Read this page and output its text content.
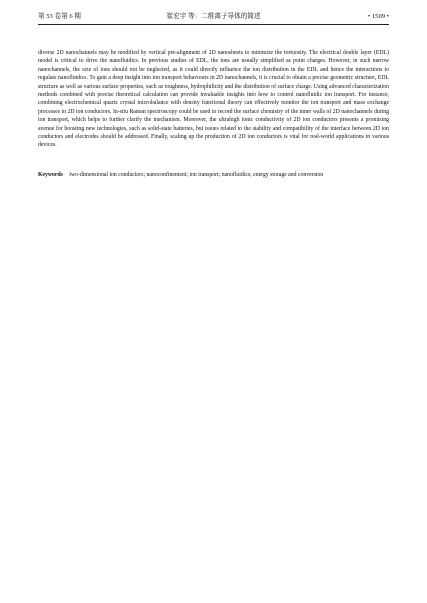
第 53 卷第 6 期	崔宏宇 等：二维离子导体的简述	• 1509 •

diverse 2D nanochannels may be modified by vertical pre-alignment of 2D nanosheets to minimize the tortuosity. The electrical double layer (EDL) model is critical to drive the nanofluidics. In previous studies of EDL, the ions are usually simplified as point charges. However, in such narrow nanochannels, the size of ions should not be neglected, as it could directly influence the ion distribution in the EDL and hence the interactions to regulate nanofluidics. To gain a deep insight into ion transport behaviours in 2D nanochannels, it is crucial to obtain a precise geometric structure, EDL structure as well as various surface properties, such as roughness, hydrophilicity and the distribution of surface charge. Using advanced characterization methods combined with precise theoretical calculation can provide invaluable insights into how to control nanofluidic ion transport. For instance, combining electrochemical quartz crystal microbalance with density functional theory can effectively monitor the ion transport and mass exchange processes in 2D ion conductors. In-situ Raman spectroscopy could be used to record the surface chemistry of the inner walls of 2D nanochannels during ion transport, which helps to further clarify the mechanism. Moreover, the ultrahigh ionic conductivity of 2D ion conductors presents a promising avenue for boosting new technologies, such as solid-state batteries, but issues related to the stability and compatibility of the interface between 2D ion conductors and electrodes should be addressed. Finally, scaling up the production of 2D ion conductors is vital for real-world applications in various devices.

Keywords two-dimensional ion conductors; nanoconfinement; ion transport; nanofluidics; energy storage and conversion
